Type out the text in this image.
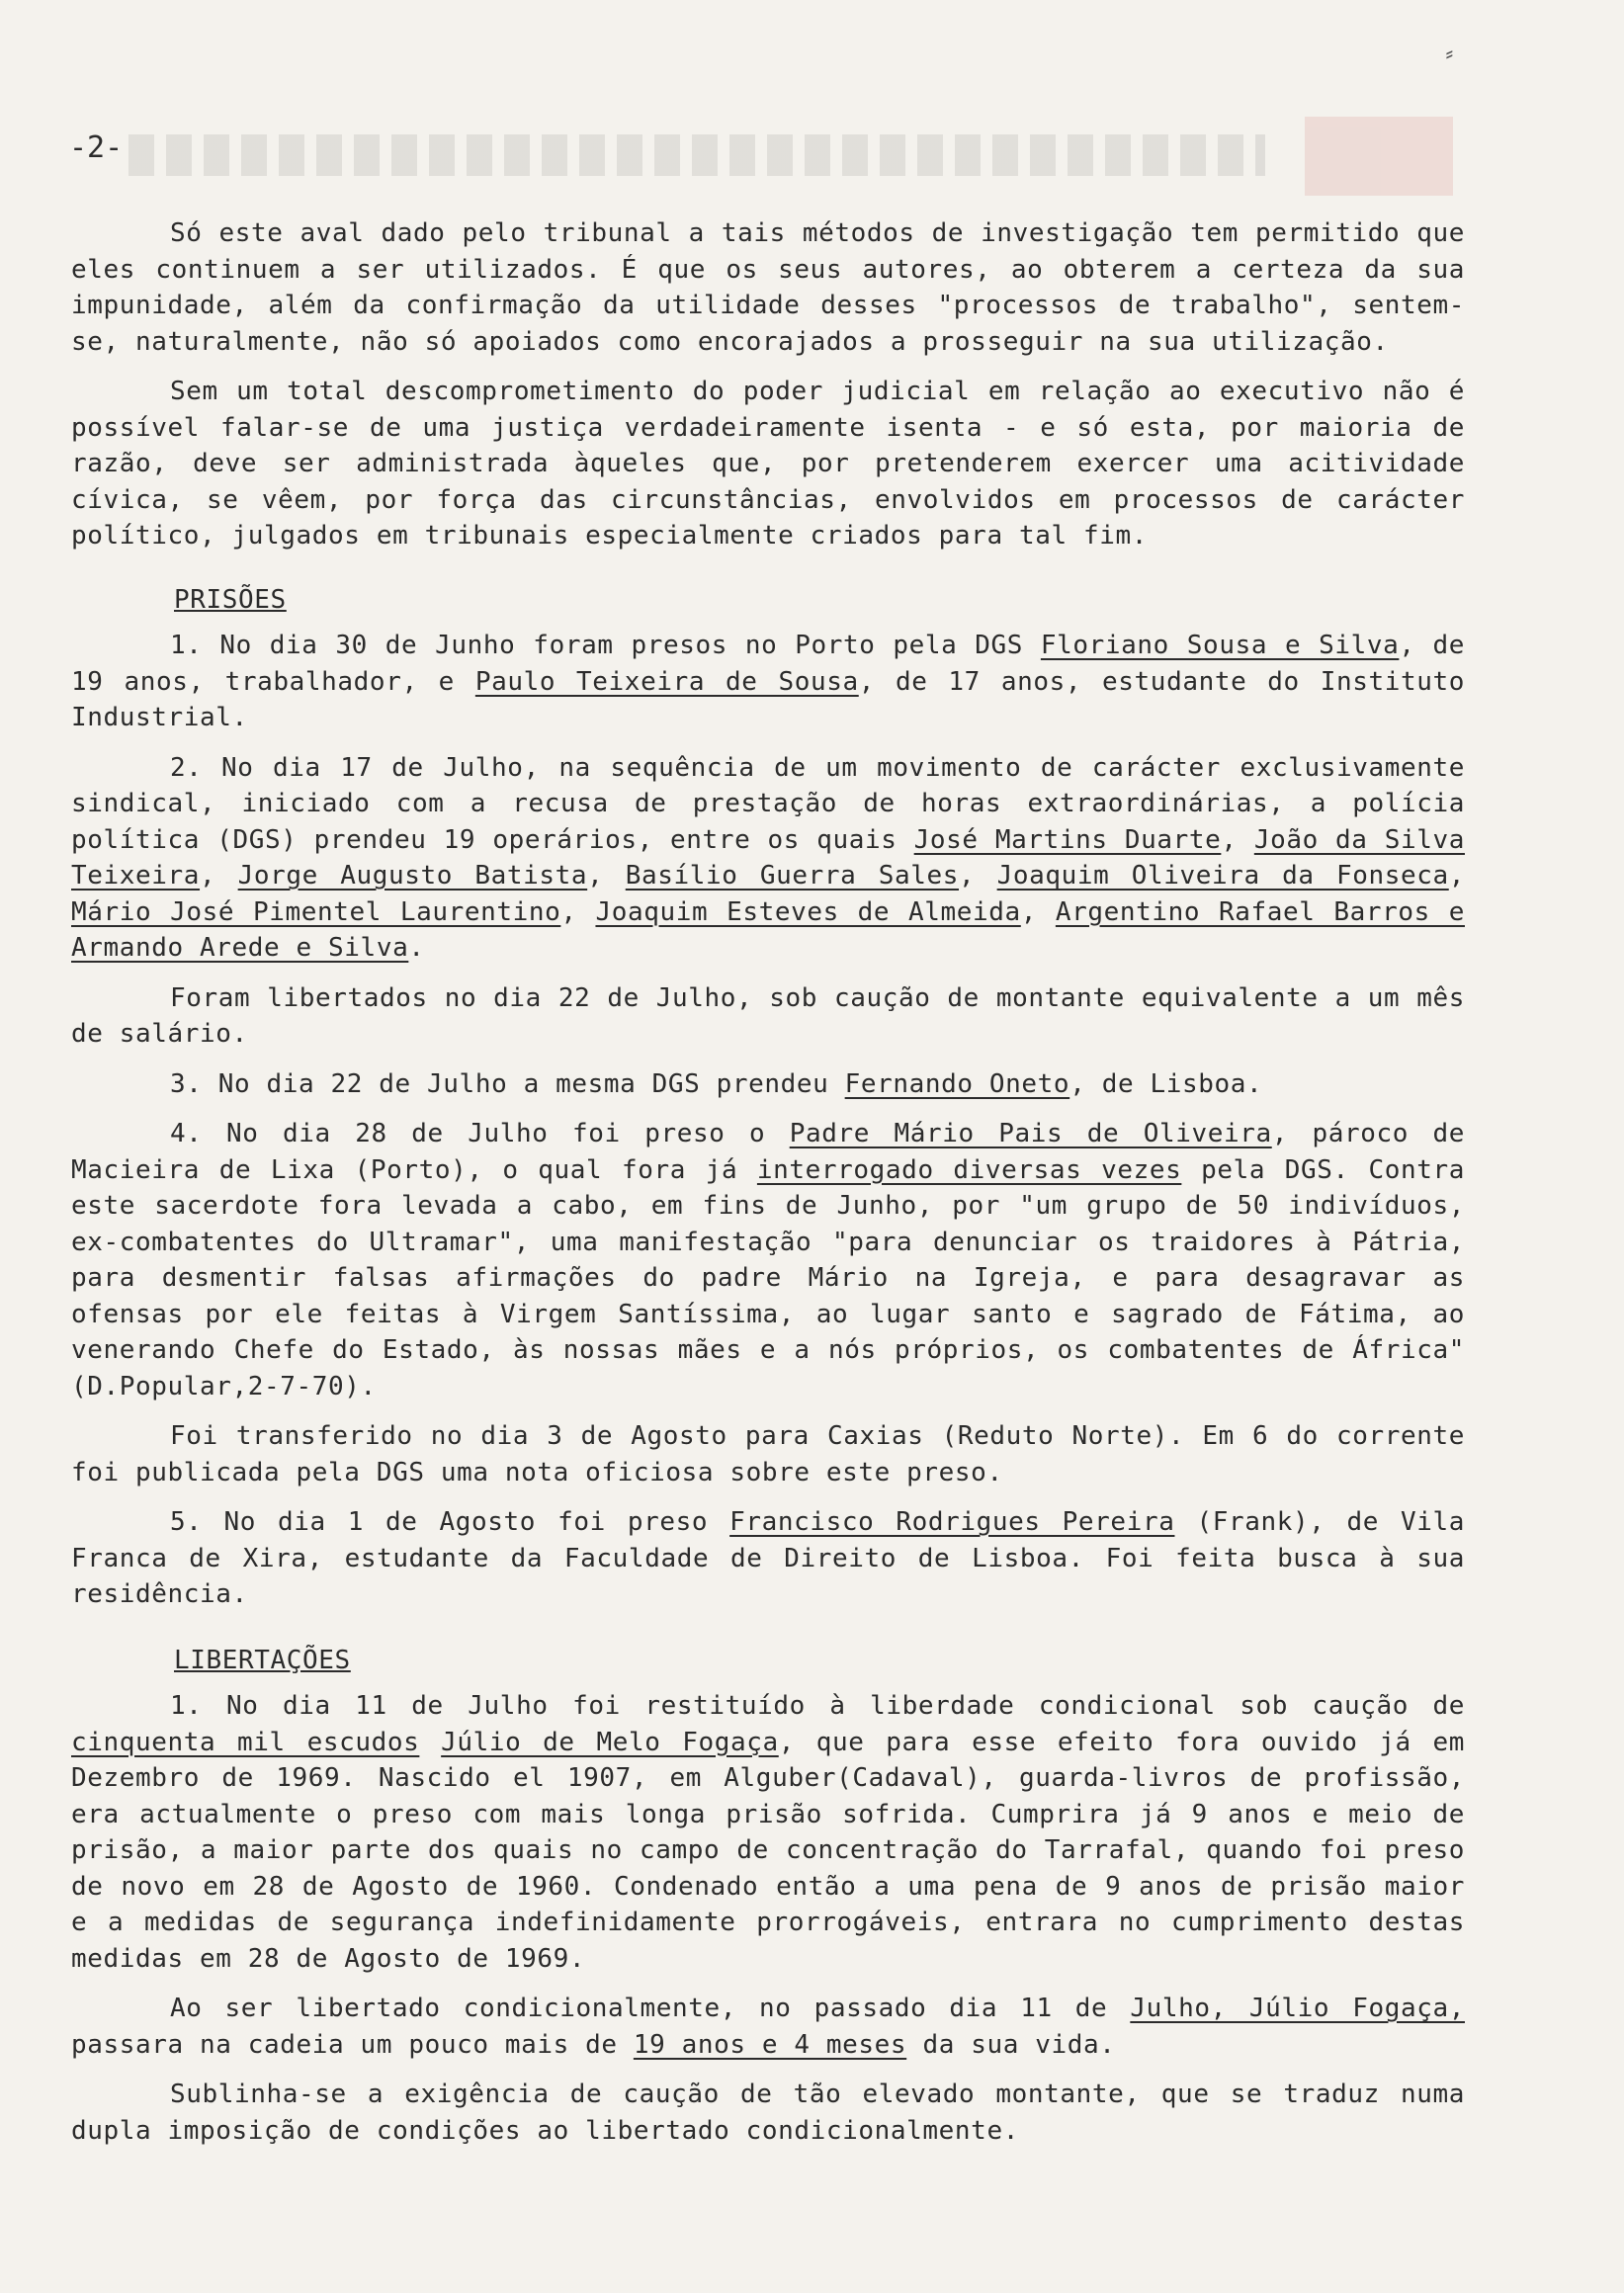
⸗
-2-

Só este aval dado pelo tribunal a tais métodos de investigação tem permitido que eles continuem a ser utilizados. É que os seus autores, ao obterem a certeza da sua impunidade, além da confirmação da utilidade desses "processos de trabalho", sentem-se, naturalmente, não só apoiados como encorajados a prosseguir na sua utilização.

Sem um total descomprometimento do poder judicial em relação ao executivo não é possível falar-se de uma justiça verdadeiramente isenta - e só esta, por maioria de razão, deve ser administrada àqueles que, por pretenderem exercer uma acitividade cívica, se vêem, por força das circunstâncias, envolvidos em processos de carácter político, julgados em tribunais especialmente criados para tal fim.

PRISÕES

1. No dia 30 de Junho foram presos no Porto pela DGS Floriano Sousa e Silva, de 19 anos, trabalhador, e Paulo Teixeira de Sousa, de 17 anos, estudante do Instituto Industrial.

2. No dia 17 de Julho, na sequência de um movimento de carácter exclusivamente sindical, iniciado com a recusa de prestação de horas extraordinárias, a polícia política (DGS) prendeu 19 operários, entre os quais José Martins Duarte, João da Silva Teixeira, Jorge Augusto Batista, Basílio Guerra Sales, Joaquim Oliveira da Fonseca, Mário José Pimentel Laurentino, Joaquim Esteves de Almeida, Argentino Rafael Barros e Armando Arede e Silva.

Foram libertados no dia 22 de Julho, sob caução de montante equivalente a um mês de salário.

3. No dia 22 de Julho a mesma DGS prendeu Fernando Oneto, de Lisboa.

4. No dia 28 de Julho foi preso o Padre Mário Pais de Oliveira, pároco de Macieira de Lixa (Porto), o qual fora já interrogado diversas vezes pela DGS. Contra este sacerdote fora levada a cabo, em fins de Junho, por "um grupo de 50 indivíduos, ex-combatentes do Ultramar", uma manifestação "para denunciar os traidores à Pátria, para desmentir falsas afirmações do padre Mário na Igreja, e para desagravar as ofensas por ele feitas à Virgem Santíssima, ao lugar santo e sagrado de Fátima, ao venerando Chefe do Estado, às nossas mães e a nós próprios, os combatentes de África"(D.Popular,2-7-70).

Foi transferido no dia 3 de Agosto para Caxias (Reduto Norte). Em 6 do corrente foi publicada pela DGS uma nota oficiosa sobre este preso.

5. No dia 1 de Agosto foi preso Francisco Rodrigues Pereira (Frank), de Vila Franca de Xira, estudante da Faculdade de Direito de Lisboa. Foi feita busca à sua residência.

LIBERTAÇÕES

1. No dia 11 de Julho foi restituído à liberdade condicional sob caução de cinquenta mil escudos Júlio de Melo Fogaça, que para esse efeito fora ouvido já em Dezembro de 1969. Nascido el 1907, em Alguber(Cadaval), guarda-livros de profissão, era actualmente o preso com mais longa prisão sofrida. Cumprira já 9 anos e meio de prisão, a maior parte dos quais no campo de concentração do Tarrafal, quando foi preso de novo em 28 de Agosto de 1960. Condenado então a uma pena de 9 anos de prisão maior e a medidas de segurança indefinidamente prorrogáveis, entrara no cumprimento destas medidas em 28 de Agosto de 1969.

Ao ser libertado condicionalmente, no passado dia 11 de Julho, Júlio Fogaça, passara na cadeia um pouco mais de 19 anos e 4 meses da sua vida.

Sublinha-se a exigência de caução de tão elevado montante, que se traduz numa dupla imposição de condições ao libertado condicionalmente.
